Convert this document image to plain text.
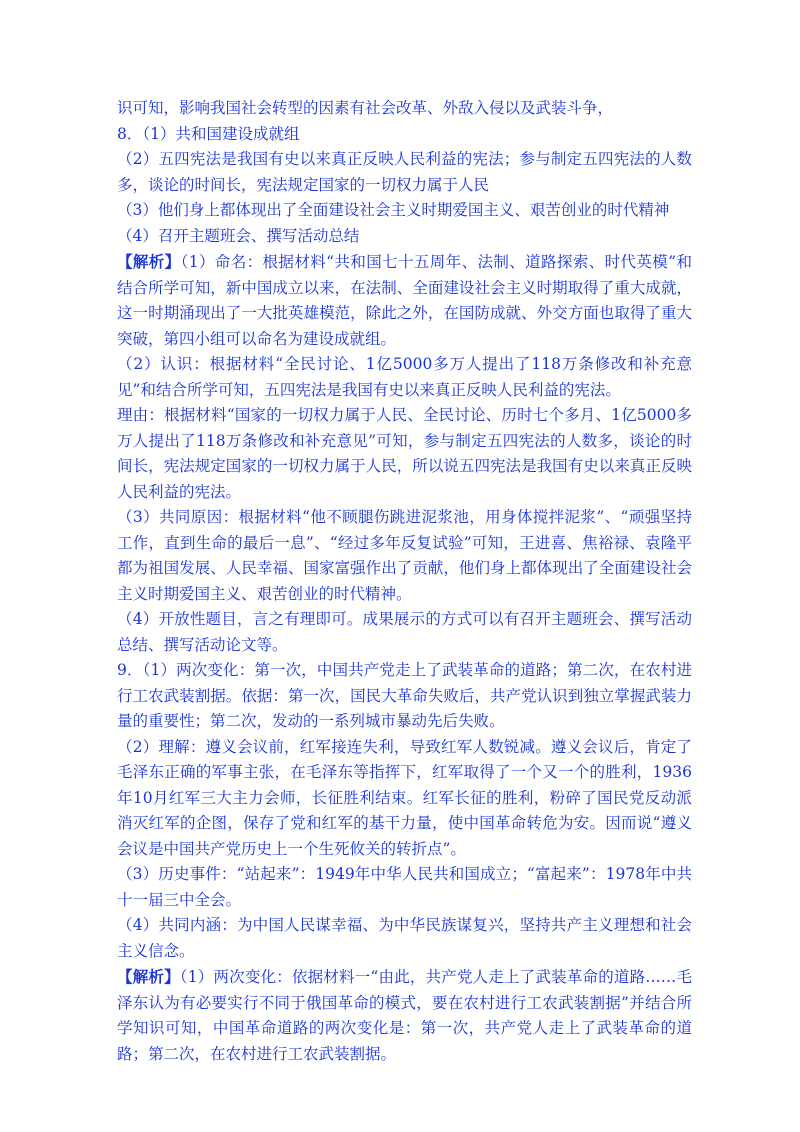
识可知，影响我国社会转型的因素有社会改革、外敌入侵以及武装斗争，

8．（1）共和国建设成就组

（2）五四宪法是我国有史以来真正反映人民利益的宪法；参与制定五四宪法的人数多，谈论的时间长，宪法规定国家的一切权力属于人民

（3）他们身上都体现出了全面建设社会主义时期爱国主义、艰苦创业的时代精神

（4）召开主题班会、撰写活动总结

【解析】（1）命名：根据材料“共和国七十五周年、法制、道路探索、时代英模”和结合所学可知，新中国成立以来，在法制、全面建设社会主义时期取得了重大成就，这一时期涌现出了一大批英雄模范，除此之外，在国防成就、外交方面也取得了重大突破，第四小组可以命名为建设成就组。

（2）认识：根据材料“全民讨论、1亿5000多万人提出了118万条修改和补充意见”和结合所学可知，五四宪法是我国有史以来真正反映人民利益的宪法。

理由：根据材料“国家的一切权力属于人民、全民讨论、历时七个多月、1亿5000多万人提出了118万条修改和补充意见”可知，参与制定五四宪法的人数多，谈论的时间长，宪法规定国家的一切权力属于人民，所以说五四宪法是我国有史以来真正反映人民利益的宪法。

（3）共同原因：根据材料“他不顾腿伤跳进泥浆池，用身体搅拌泥浆”、“顽强坚持工作，直到生命的最后一息”、“经过多年反复试验”可知，王进喜、焦裕禄、袁隆平都为祖国发展、人民幸福、国家富强作出了贡献，他们身上都体现出了全面建设社会主义时期爱国主义、艰苦创业的时代精神。

（4）开放性题目，言之有理即可。成果展示的方式可以有召开主题班会、撰写活动总结、撰写活动论文等。

9．（1）两次变化：第一次，中国共产党走上了武装革命的道路；第二次，在农村进行工农武装割据。依据：第一次，国民大革命失败后，共产党认识到独立掌握武装力量的重要性；第二次，发动的一系列城市暴动先后失败。

（2）理解：遵义会议前，红军接连失利，导致红军人数锐减。遵义会议后，肯定了毛泽东正确的军事主张，在毛泽东等指挥下，红军取得了一个又一个的胜利，1936年10月红军三大主力会师，长征胜利结束。红军长征的胜利，粉碎了国民党反动派消灭红军的企图，保存了党和红军的基干力量，使中国革命转危为安。因而说“遵义会议是中国共产党历史上一个生死攸关的转折点”。

（3）历史事件：“站起来”：1949年中华人民共和国成立；“富起来”：1978年中共十一届三中全会。

（4）共同内涵：为中国人民谋幸福、为中华民族谋复兴，坚持共产主义理想和社会主义信念。

【解析】（1）两次变化：依据材料一“由此，共产党人走上了武装革命的道路……毛泽东认为有必要实行不同于俄国革命的模式，要在农村进行工农武装割据”并结合所学知识可知，中国革命道路的两次变化是：第一次，共产党人走上了武装革命的道路；第二次，在农村进行工农武装割据。
